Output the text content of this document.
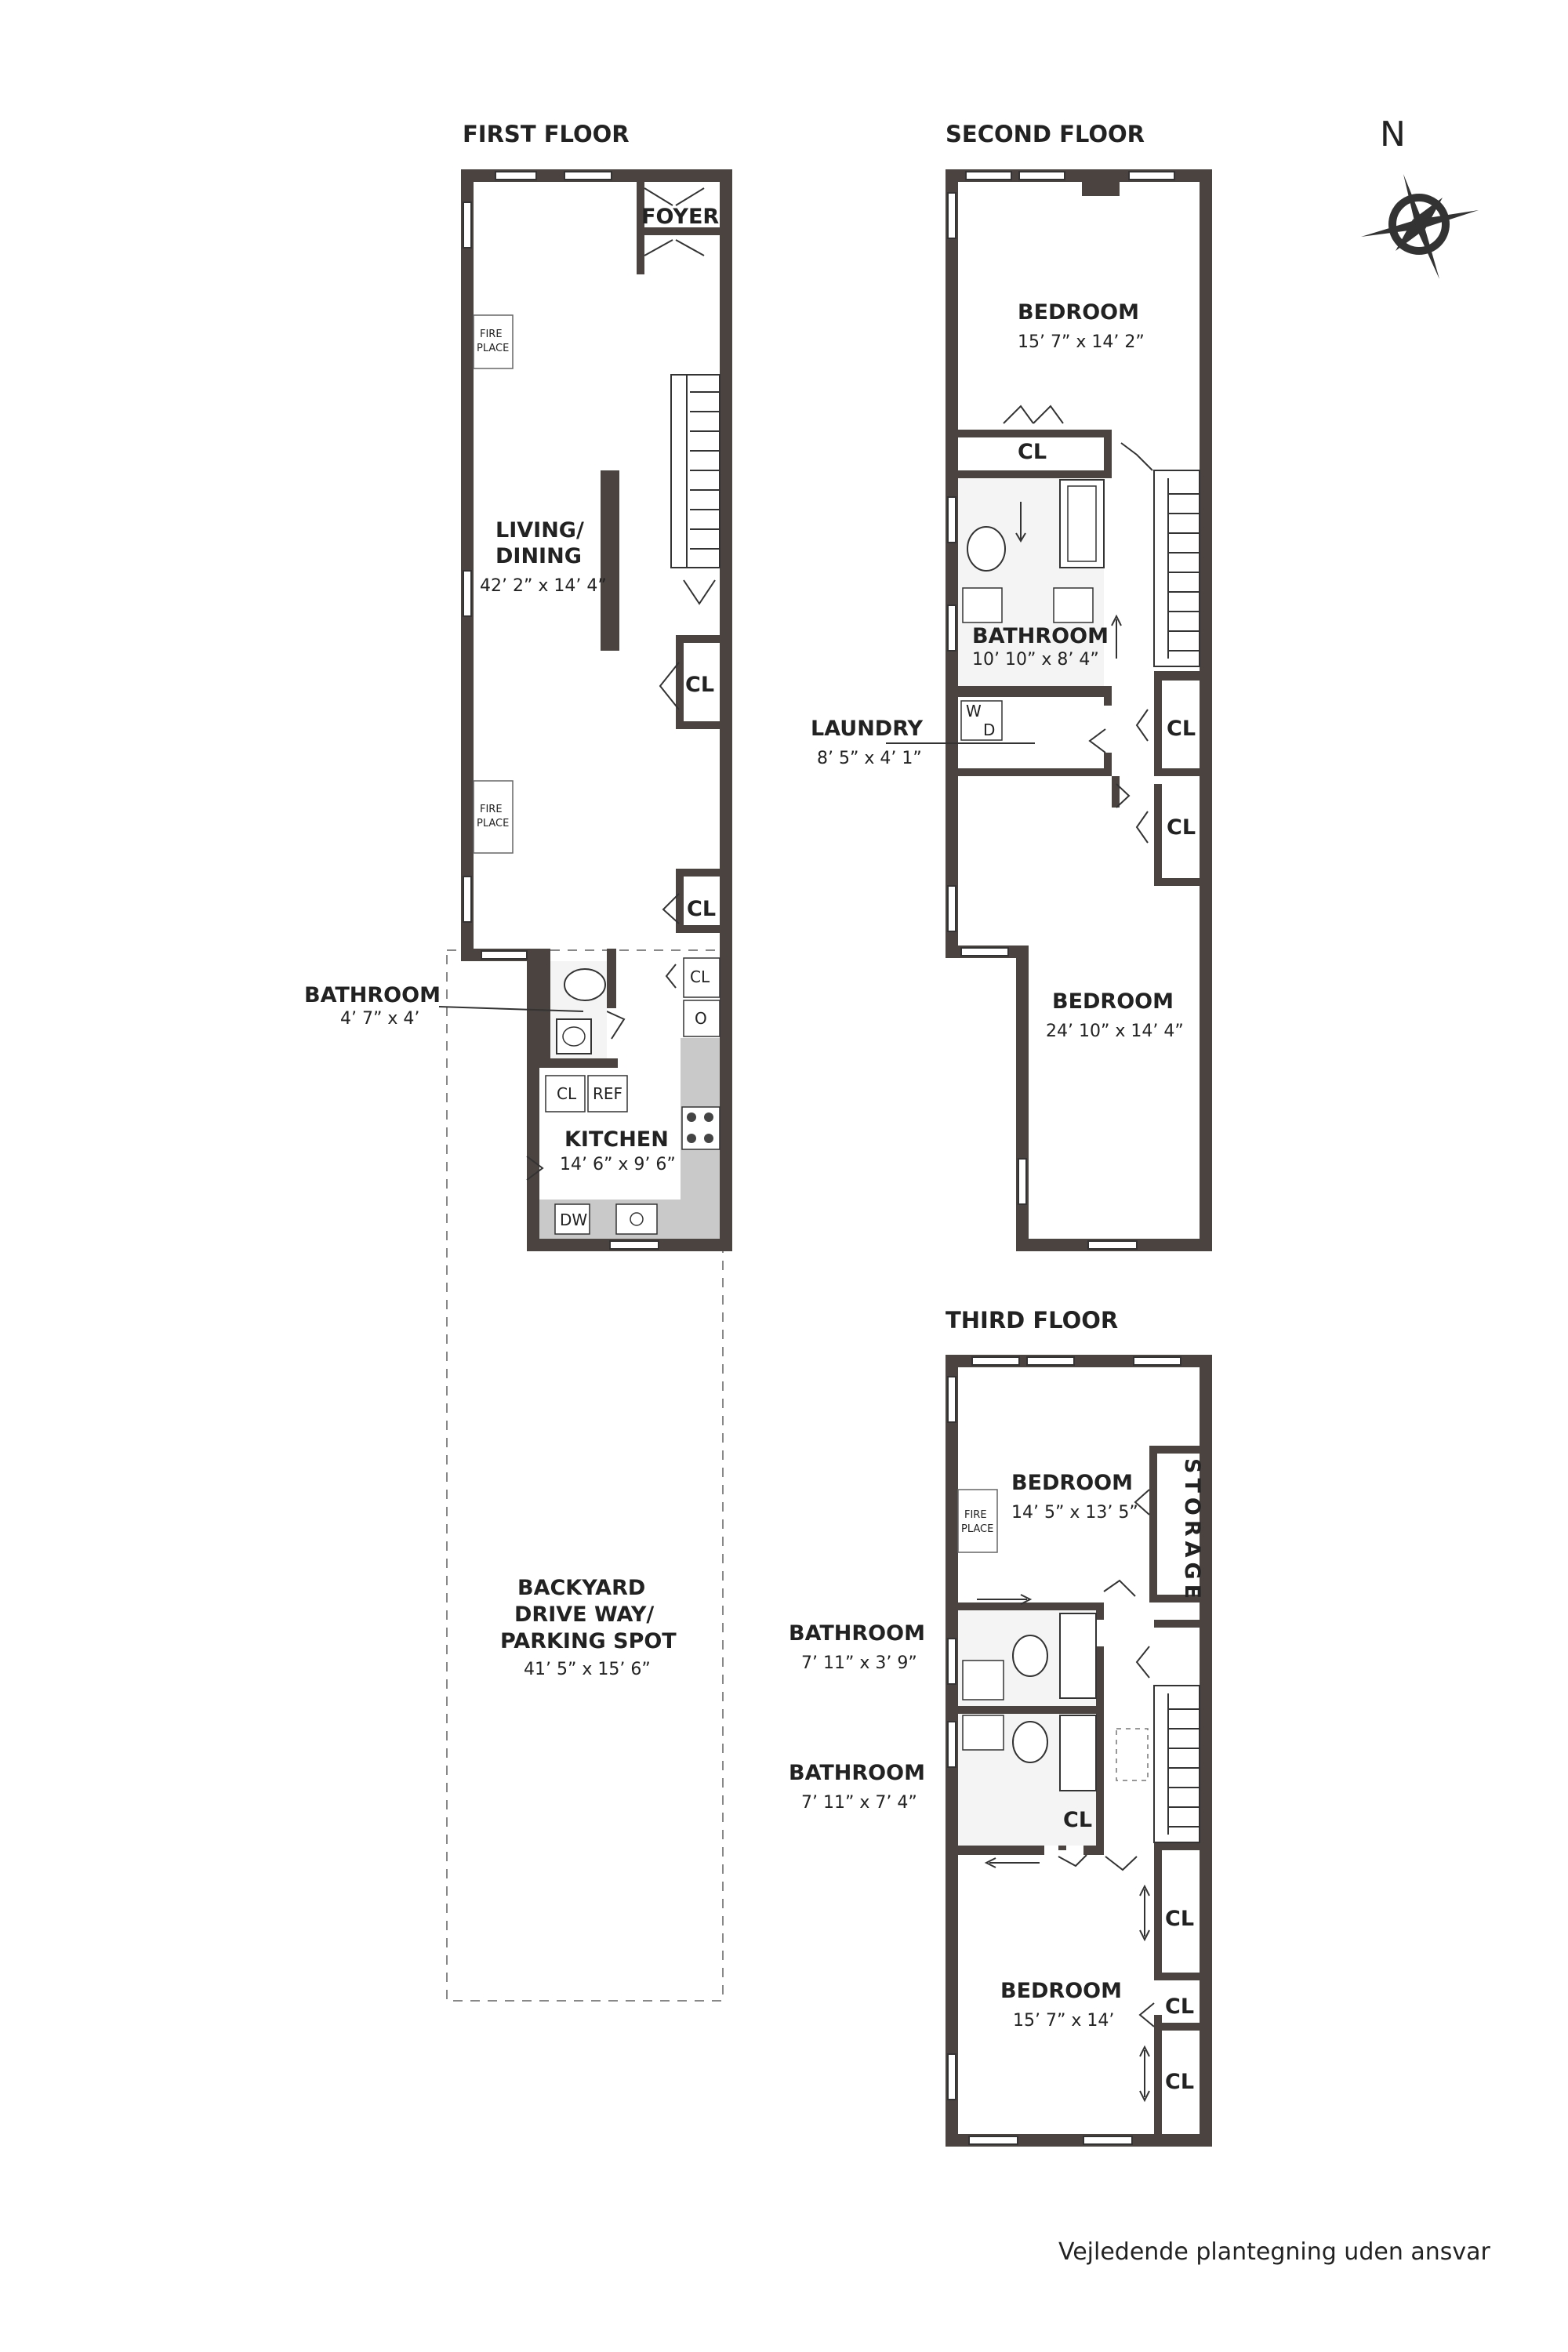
FIRST FLOOR
FOYER
FIRE
PLACE
FIRE
PLACE
LIVING/
DINING
42’ 2” x 14’ 4”
CL
CL
BATHROOM
4’ 7” x 4’
CL
O
CL REF
DW
KITCHEN
14’ 6” x 9’ 6”
BACKYARD
DRIVE WAY/
PARKING SPOT
41’ 5” x 15’ 6”
SECOND FLOOR
BEDROOM
15’ 7” x 14’ 2”
CL
BATHROOM
10’ 10” x 8’ 4”
W
D
LAUNDRY
8’ 5” x 4’ 1”
CL
CL
BEDROOM
24’ 10” x 14’ 4”
THIRD FLOOR
BEDROOM
14’ 5” x 13’ 5”
FIRE
PLACE	STORAGE
BATHROOM
7’ 11” x 3’ 9”
BATHROOM
7’ 11” x 7’ 4”
CL
CL
CL
CL
BEDROOM
15’ 7” x 14’
N
Vejledende plantegning uden ansvar
